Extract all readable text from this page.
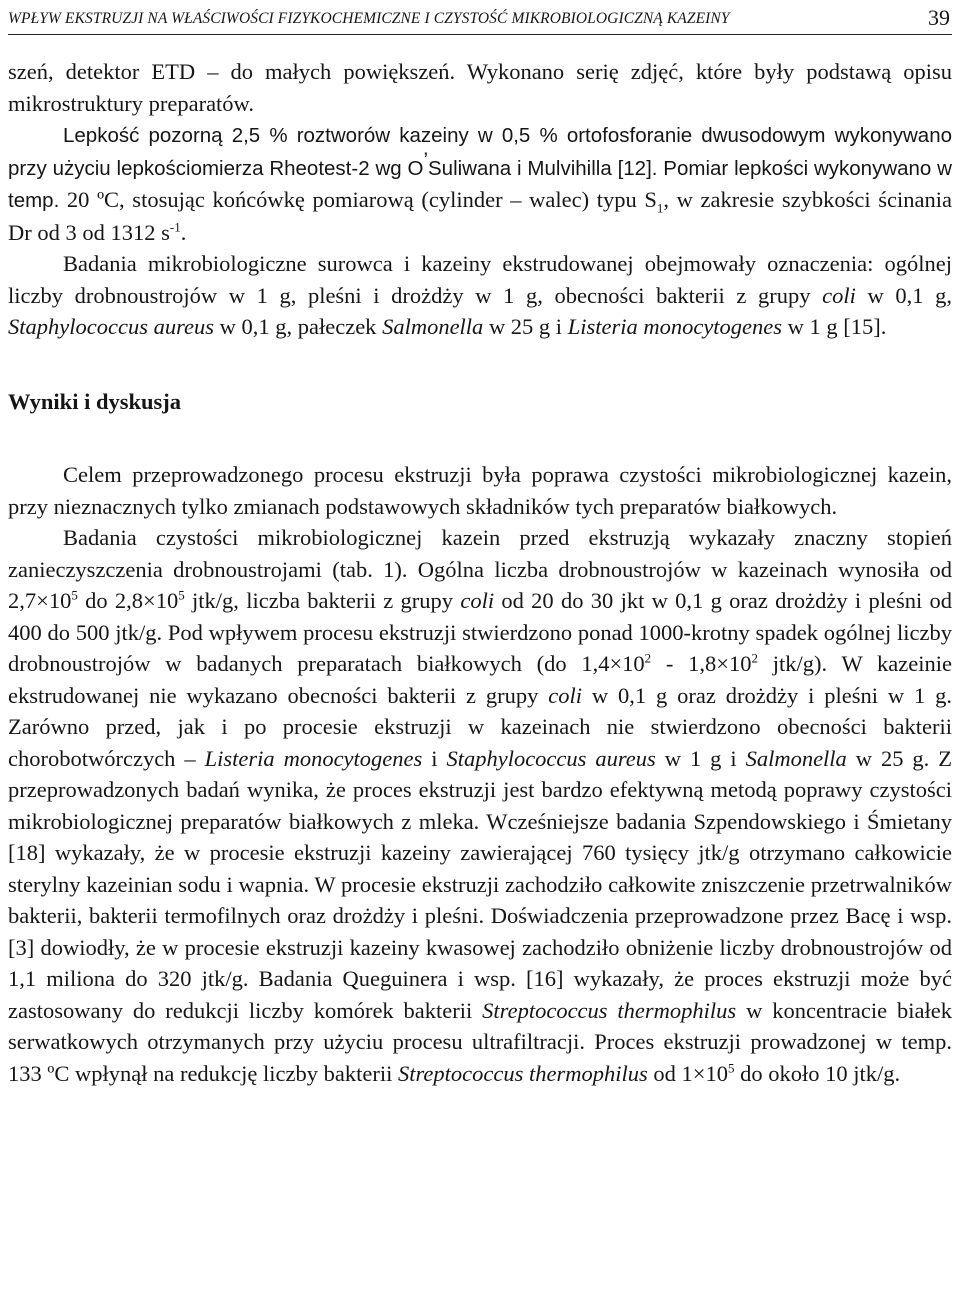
WPŁYW EKSTRUZJI NA WŁAŚCIWOŚCI FIZYKOCHEMICZNE I CZYSTOŚĆ MIKROBIOLOGICZNĄ KAZEINY	39

szeń, detektor ETD – do małych powiększeń. Wykonano serię zdjęć, które były podstawą opisu mikrostruktury preparatów.

Lepkość pozorną 2,5 % roztworów kazeiny w 0,5 % ortofosforanie dwusodowym wykonywano przy użyciu lepkościomierza Rheotest-2 wg O’Suliwana i Mulvihilla [12]. Pomiar lepkości wykonywano w temp. 20 ºC, stosując końcówkę pomiarową (cylinder – walec) typu $S_1$, w zakresie szybkości ścinania Dr od 3 od 1312 $s^{-1}$.

Badania mikrobiologiczne surowca i kazeiny ekstrudowanej obejmowały oznaczenia: ogólnej liczby drobnoustrojów w 1 g, pleśni i drożdży w 1 g, obecności bakterii z grupy coli w 0,1 g, Staphylococcus aureus w 0,1 g, pałeczek Salmonella w 25 g i Listeria monocytogenes w 1 g [15].

Wyniki i dyskusja

Celem przeprowadzonego procesu ekstruzji była poprawa czystości mikrobiologicznej kazein, przy nieznacznych tylko zmianach podstawowych składników tych preparatów białkowych.

Badania czystości mikrobiologicznej kazein przed ekstruzją wykazały znaczny stopień zanieczyszczenia drobnoustrojami (tab. 1). Ogólna liczba drobnoustrojów w kazeinach wynosiła od $2,7\times 10^5$ do $2,8\times 10^5$ jtk/g, liczba bakterii z grupy coli od 20 do 30 jkt w 0,1 g oraz drożdży i pleśni od 400 do 500 jtk/g. Pod wpływem procesu ekstruzji stwierdzono ponad 1000-krotny spadek ogólnej liczby drobnoustrojów w badanych preparatach białkowych (do $1,4\times 10^2 - 1,8\times 10^2$ jtk/g). W kazeinie ekstrudowanej nie wykazano obecności bakterii z grupy coli w 0,1 g oraz drożdży i pleśni w 1 g. Zarówno przed, jak i po procesie ekstruzji w kazeinach nie stwierdzono obecności bakterii chorobotwórczych – Listeria monocytogenes i Staphylococcus aureus w 1 g i Salmonella w 25 g. Z przeprowadzonych badań wynika, że proces ekstruzji jest bardzo efektywną metodą poprawy czystości mikrobiologicznej preparatów białkowych z mleka. Wcześniejsze badania Szpendowskiego i Śmietany [18] wykazały, że w procesie ekstruzji kazeiny zawierającej 760 tysięcy jtk/g otrzymano całkowicie sterylny kazeinian sodu i wapnia. W procesie ekstruzji zachodziło całkowite zniszczenie przetrwalników bakterii, bakterii termofilnych oraz drożdży i pleśni. Doświadczenia przeprowadzone przez Bacę i wsp. [3] dowiodły, że w procesie ekstruzji kazeiny kwasowej zachodziło obniżenie liczby drobnoustrojów od 1,1 miliona do 320 jtk/g. Badania Queguinera i wsp. [16] wykazały, że proces ekstruzji może być zastosowany do redukcji liczby komórek bakterii Streptococcus thermophilus w koncentracie białek serwatkowych otrzymanych przy użyciu procesu ultrafiltracji. Proces ekstruzji prowadzonej w temp. 133 ºC wpłynął na redukcję liczby bakterii Streptococcus thermophilus od $1\times 10^5$ do około 10 jtk/g.
